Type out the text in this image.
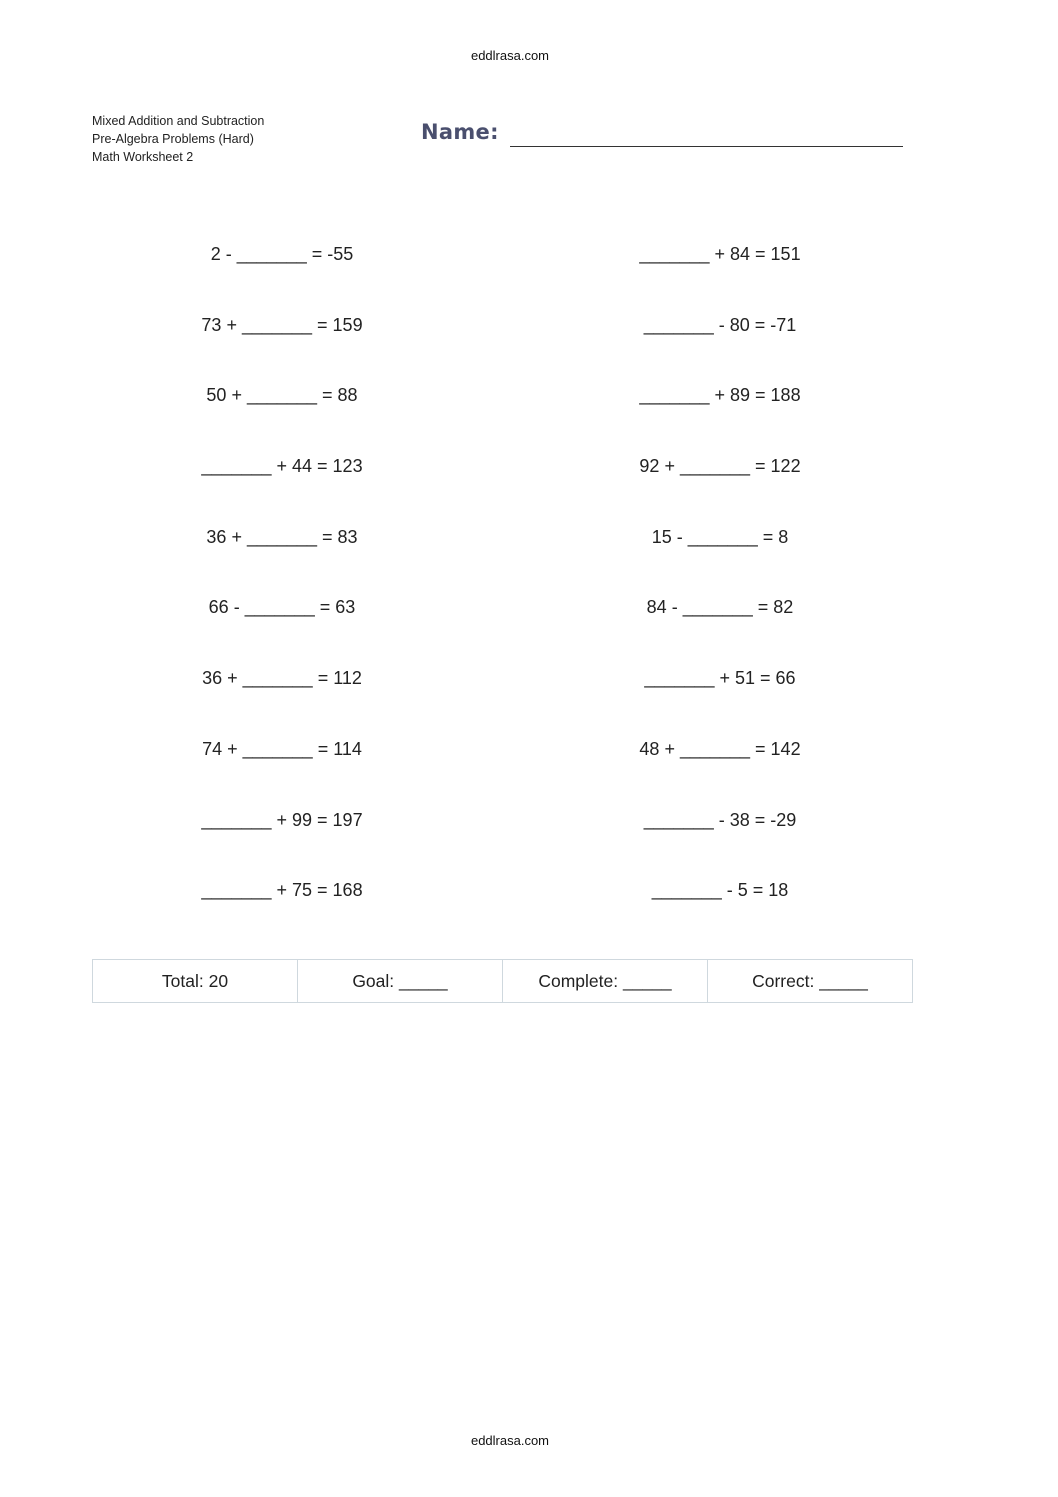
eddlrasa.com
Mixed Addition and Subtraction
Pre-Algebra Problems (Hard)
Math Worksheet 2
Name:
2 - _______ = -55	_______ + 84 = 151
73 + _______ = 159	_______ - 80 = -71
50 + _______ = 88	_______ + 89 = 188
_______ + 44 = 123	92 + _______ = 122
36 + _______ = 83	15 - _______ = 8
66 - _______ = 63	84 - _______ = 82
36 + _______ = 112	_______ + 51 = 66
74 + _______ = 114	48 + _______ = 142
_______ + 99 = 197	_______ - 38 = -29
_______ + 75 = 168	_______ - 5 = 18
Total: 20	Goal: _____	Complete: _____	Correct: _____
eddlrasa.com
